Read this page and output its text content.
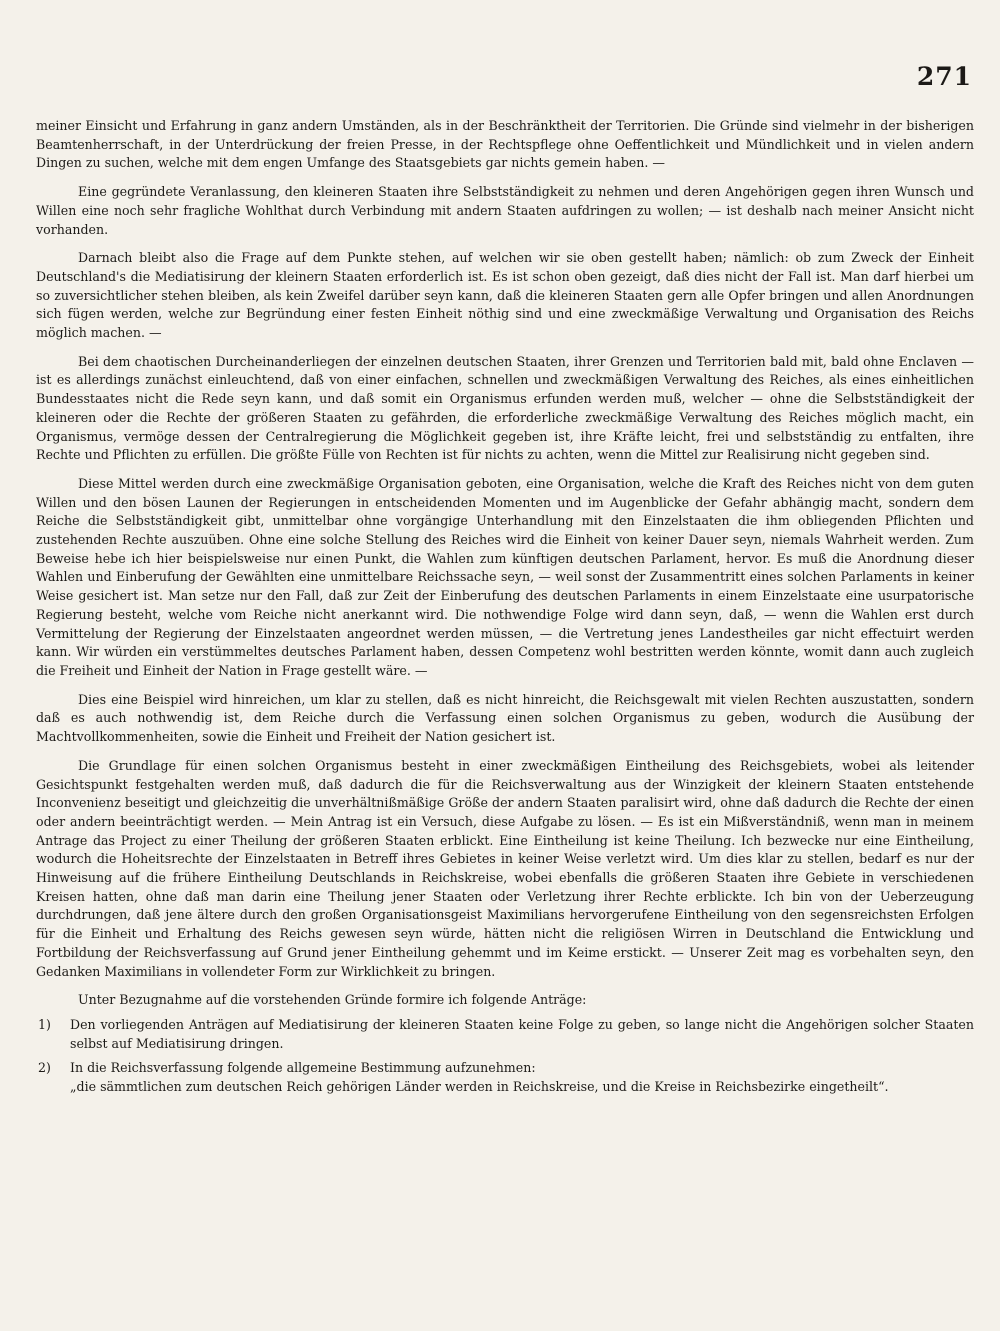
271

meiner Einsicht und Erfahrung in ganz andern Umständen, als in der Beschränktheit der Territorien. Die Gründe sind vielmehr in der bisherigen Beamtenherrschaft, in der Unterdrückung der freien Presse, in der Rechtspflege ohne Oeffentlichkeit und Mündlichkeit und in vielen andern Dingen zu suchen, welche mit dem engen Umfange des Staatsgebiets gar nichts gemein haben. —

Eine gegründete Veranlassung, den kleineren Staaten ihre Selbstständigkeit zu nehmen und deren Angehörigen gegen ihren Wunsch und Willen eine noch sehr fragliche Wohlthat durch Verbindung mit andern Staaten aufdringen zu wollen; — ist deshalb nach meiner Ansicht nicht vorhanden.

Darnach bleibt also die Frage auf dem Punkte stehen, auf welchen wir sie oben gestellt haben; nämlich: ob zum Zweck der Einheit Deutschland's die Mediatisirung der kleinern Staaten erforderlich ist. Es ist schon oben gezeigt, daß dies nicht der Fall ist. Man darf hierbei um so zuversichtlicher stehen bleiben, als kein Zweifel darüber seyn kann, daß die kleineren Staaten gern alle Opfer bringen und allen Anordnungen sich fügen werden, welche zur Begründung einer festen Einheit nöthig sind und eine zweckmäßige Verwaltung und Organisation des Reichs möglich machen. —

Bei dem chaotischen Durcheinanderliegen der einzelnen deutschen Staaten, ihrer Grenzen und Territorien bald mit, bald ohne Enclaven — ist es allerdings zunächst einleuchtend, daß von einer einfachen, schnellen und zweckmäßigen Verwaltung des Reiches, als eines einheitlichen Bundesstaates nicht die Rede seyn kann, und daß somit ein Organismus erfunden werden muß, welcher — ohne die Selbstständigkeit der kleineren oder die Rechte der größeren Staaten zu gefährden, die erforderliche zweckmäßige Verwaltung des Reiches möglich macht, ein Organismus, vermöge dessen der Centralregierung die Möglichkeit gegeben ist, ihre Kräfte leicht, frei und selbstständig zu entfalten, ihre Rechte und Pflichten zu erfüllen. Die größte Fülle von Rechten ist für nichts zu achten, wenn die Mittel zur Realisirung nicht gegeben sind.

Diese Mittel werden durch eine zweckmäßige Organisation geboten, eine Organisation, welche die Kraft des Reiches nicht von dem guten Willen und den bösen Launen der Regierungen in entscheidenden Momenten und im Augenblicke der Gefahr abhängig macht, sondern dem Reiche die Selbstständigkeit gibt, unmittelbar ohne vorgängige Unterhandlung mit den Einzelstaaten die ihm obliegenden Pflichten und zustehenden Rechte auszuüben. Ohne eine solche Stellung des Reiches wird die Einheit von keiner Dauer seyn, niemals Wahrheit werden. Zum Beweise hebe ich hier beispielsweise nur einen Punkt, die Wahlen zum künftigen deutschen Parlament, hervor. Es muß die Anordnung dieser Wahlen und Einberufung der Gewählten eine unmittelbare Reichssache seyn, — weil sonst der Zusammentritt eines solchen Parlaments in keiner Weise gesichert ist. Man setze nur den Fall, daß zur Zeit der Einberufung des deutschen Parlaments in einem Einzelstaate eine usurpatorische Regierung besteht, welche vom Reiche nicht anerkannt wird. Die nothwendige Folge wird dann seyn, daß, — wenn die Wahlen erst durch Vermittelung der Regierung der Einzelstaaten angeordnet werden müssen, — die Vertretung jenes Landestheiles gar nicht effectuirt werden kann. Wir würden ein verstümmeltes deutsches Parlament haben, dessen Competenz wohl bestritten werden könnte, womit dann auch zugleich die Freiheit und Einheit der Nation in Frage gestellt wäre. —

Dies eine Beispiel wird hinreichen, um klar zu stellen, daß es nicht hinreicht, die Reichsgewalt mit vielen Rechten auszustatten, sondern daß es auch nothwendig ist, dem Reiche durch die Verfassung einen solchen Organismus zu geben, wodurch die Ausübung der Machtvollkommenheiten, sowie die Einheit und Freiheit der Nation gesichert ist.

Die Grundlage für einen solchen Organismus besteht in einer zweckmäßigen Eintheilung des Reichsgebiets, wobei als leitender Gesichtspunkt festgehalten werden muß, daß dadurch die für die Reichsverwaltung aus der Winzigkeit der kleinern Staaten entstehende Inconvenienz beseitigt und gleichzeitig die unverhältnißmäßige Größe der andern Staaten paralisirt wird, ohne daß dadurch die Rechte der einen oder andern beeinträchtigt werden. — Mein Antrag ist ein Versuch, diese Aufgabe zu lösen. — Es ist ein Mißverständniß, wenn man in meinem Antrage das Project zu einer Theilung der größeren Staaten erblickt. Eine Eintheilung ist keine Theilung. Ich bezwecke nur eine Eintheilung, wodurch die Hoheitsrechte der Einzelstaaten in Betreff ihres Gebietes in keiner Weise verletzt wird. Um dies klar zu stellen, bedarf es nur der Hinweisung auf die frühere Eintheilung Deutschlands in Reichskreise, wobei ebenfalls die größeren Staaten ihre Gebiete in verschiedenen Kreisen hatten, ohne daß man darin eine Theilung jener Staaten oder Verletzung ihrer Rechte erblickte. Ich bin von der Ueberzeugung durchdrungen, daß jene ältere durch den großen Organisationsgeist Maximilians hervorgerufene Eintheilung von den segensreichsten Erfolgen für die Einheit und Erhaltung des Reichs gewesen seyn würde, hätten nicht die religiösen Wirren in Deutschland die Entwicklung und Fortbildung der Reichsverfassung auf Grund jener Eintheilung gehemmt und im Keime erstickt. — Unserer Zeit mag es vorbehalten seyn, den Gedanken Maximilians in vollendeter Form zur Wirklichkeit zu bringen.

Unter Bezugnahme auf die vorstehenden Gründe formire ich folgende Anträge:

1)	Den vorliegenden Anträgen auf Mediatisirung der kleineren Staaten keine Folge zu geben, so lange nicht die Angehörigen solcher Staaten selbst auf Mediatisirung dringen.
2)	In die Reichsverfassung folgende allgemeine Bestimmung aufzunehmen:
„die sämmtlichen zum deutschen Reich gehörigen Länder werden in Reichskreise, und die Kreise in Reichsbezirke eingetheilt“.
